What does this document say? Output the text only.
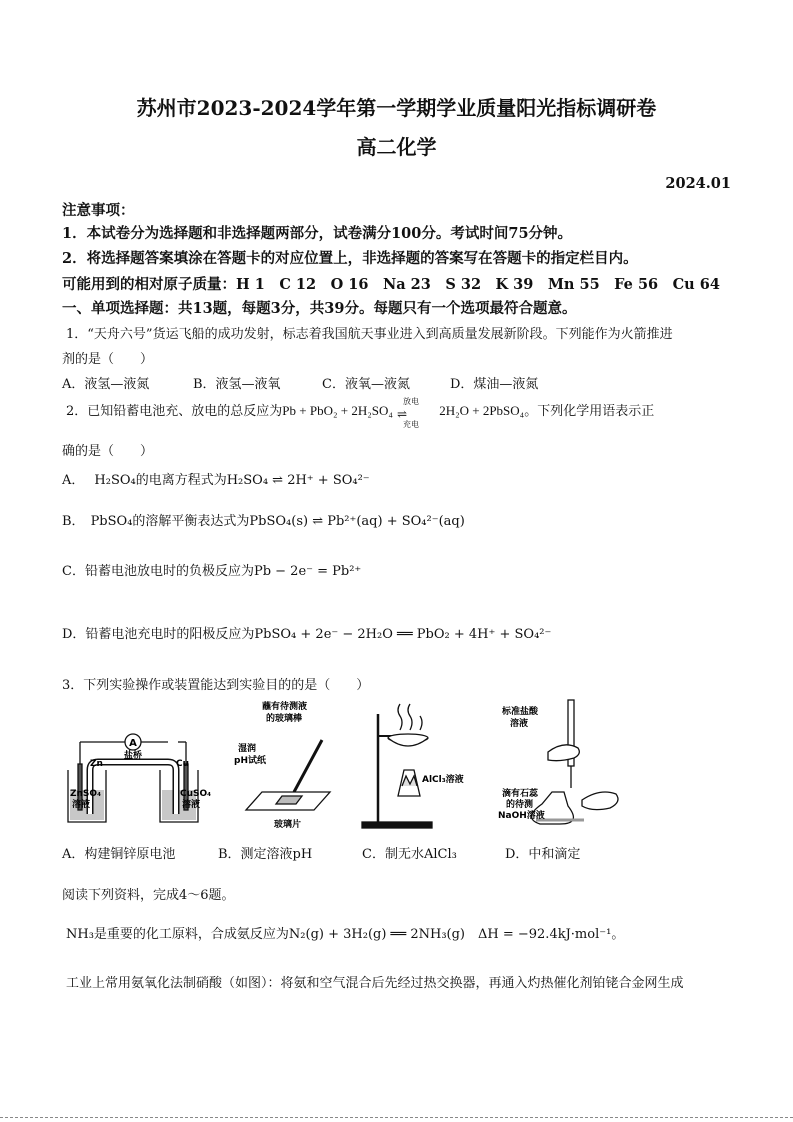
苏州市2023-2024学年第一学期学业质量阳光指标调研卷
高二化学
2024.01
注意事项：
1．本试卷分为选择题和非选择题两部分，试卷满分100分。考试时间75分钟。
2．将选择题答案填涂在答题卡的对应位置上，非选择题的答案写在答题卡的指定栏目内。
可能用到的相对原子质量：H 1　C 12　O 16　Na 23　S 32　K 39　Mn 55　Fe 56　Cu 64
一、单项选择题：共13题，每题3分，共39分。每题只有一个选项最符合题意。
1．“天舟六号”货运飞船的成功发射，标志着我国航天事业进入到高质量发展新阶段。下列能作为火箭推进
剂的是（　　）
A．液氢—液氮	B．液氢—液氧	C．液氧—液氮	D．煤油—液氮
2．已知铅蓄电池充、放电的总反应为Pb + PbO₂ + 2H₂SO₄
放电
⇌
充电
2H₂O + 2PbSO₄。下列化学用语表示正
确的是（　　）
A． H₂SO₄的电离方程式为H₂SO₄ ⇌ 2H⁺ + SO₄²⁻
B． PbSO₄的溶解平衡表达式为PbSO₄(s) ⇌ Pb²⁺(aq) + SO₄²⁻(aq)
C．铅蓄电池放电时的负极反应为Pb − 2e⁻ = Pb²⁺
D．铅蓄电池充电时的阳极反应为PbSO₄ + 2e⁻ − 2H₂O ══ PbO₂ + 4H⁺ + SO₄²⁻
3．下列实验操作或装置能达到实验目的的是（　　）
A
盐桥
Zn	Cu
ZnSO₄
溶液
CuSO₄
溶液
蘸有待测液
的玻璃棒
湿润
pH试纸
玻璃片
AlCl₃溶液
标准盐酸
溶液
滴有石蕊
的待测
NaOH溶液
A．构建铜锌原电池	B．测定溶液pH	C．制无水AlCl₃	D．中和滴定
阅读下列资料，完成4～6题。
NH₃是重要的化工原料，合成氨反应为N₂(g) + 3H₂(g) ══ 2NH₃(g)　ΔH = −92.4kJ·mol⁻¹。
工业上常用氨氧化法制硝酸（如图）：将氨和空气混合后先经过热交换器，再通入灼热催化剂铂铑合金网生成
